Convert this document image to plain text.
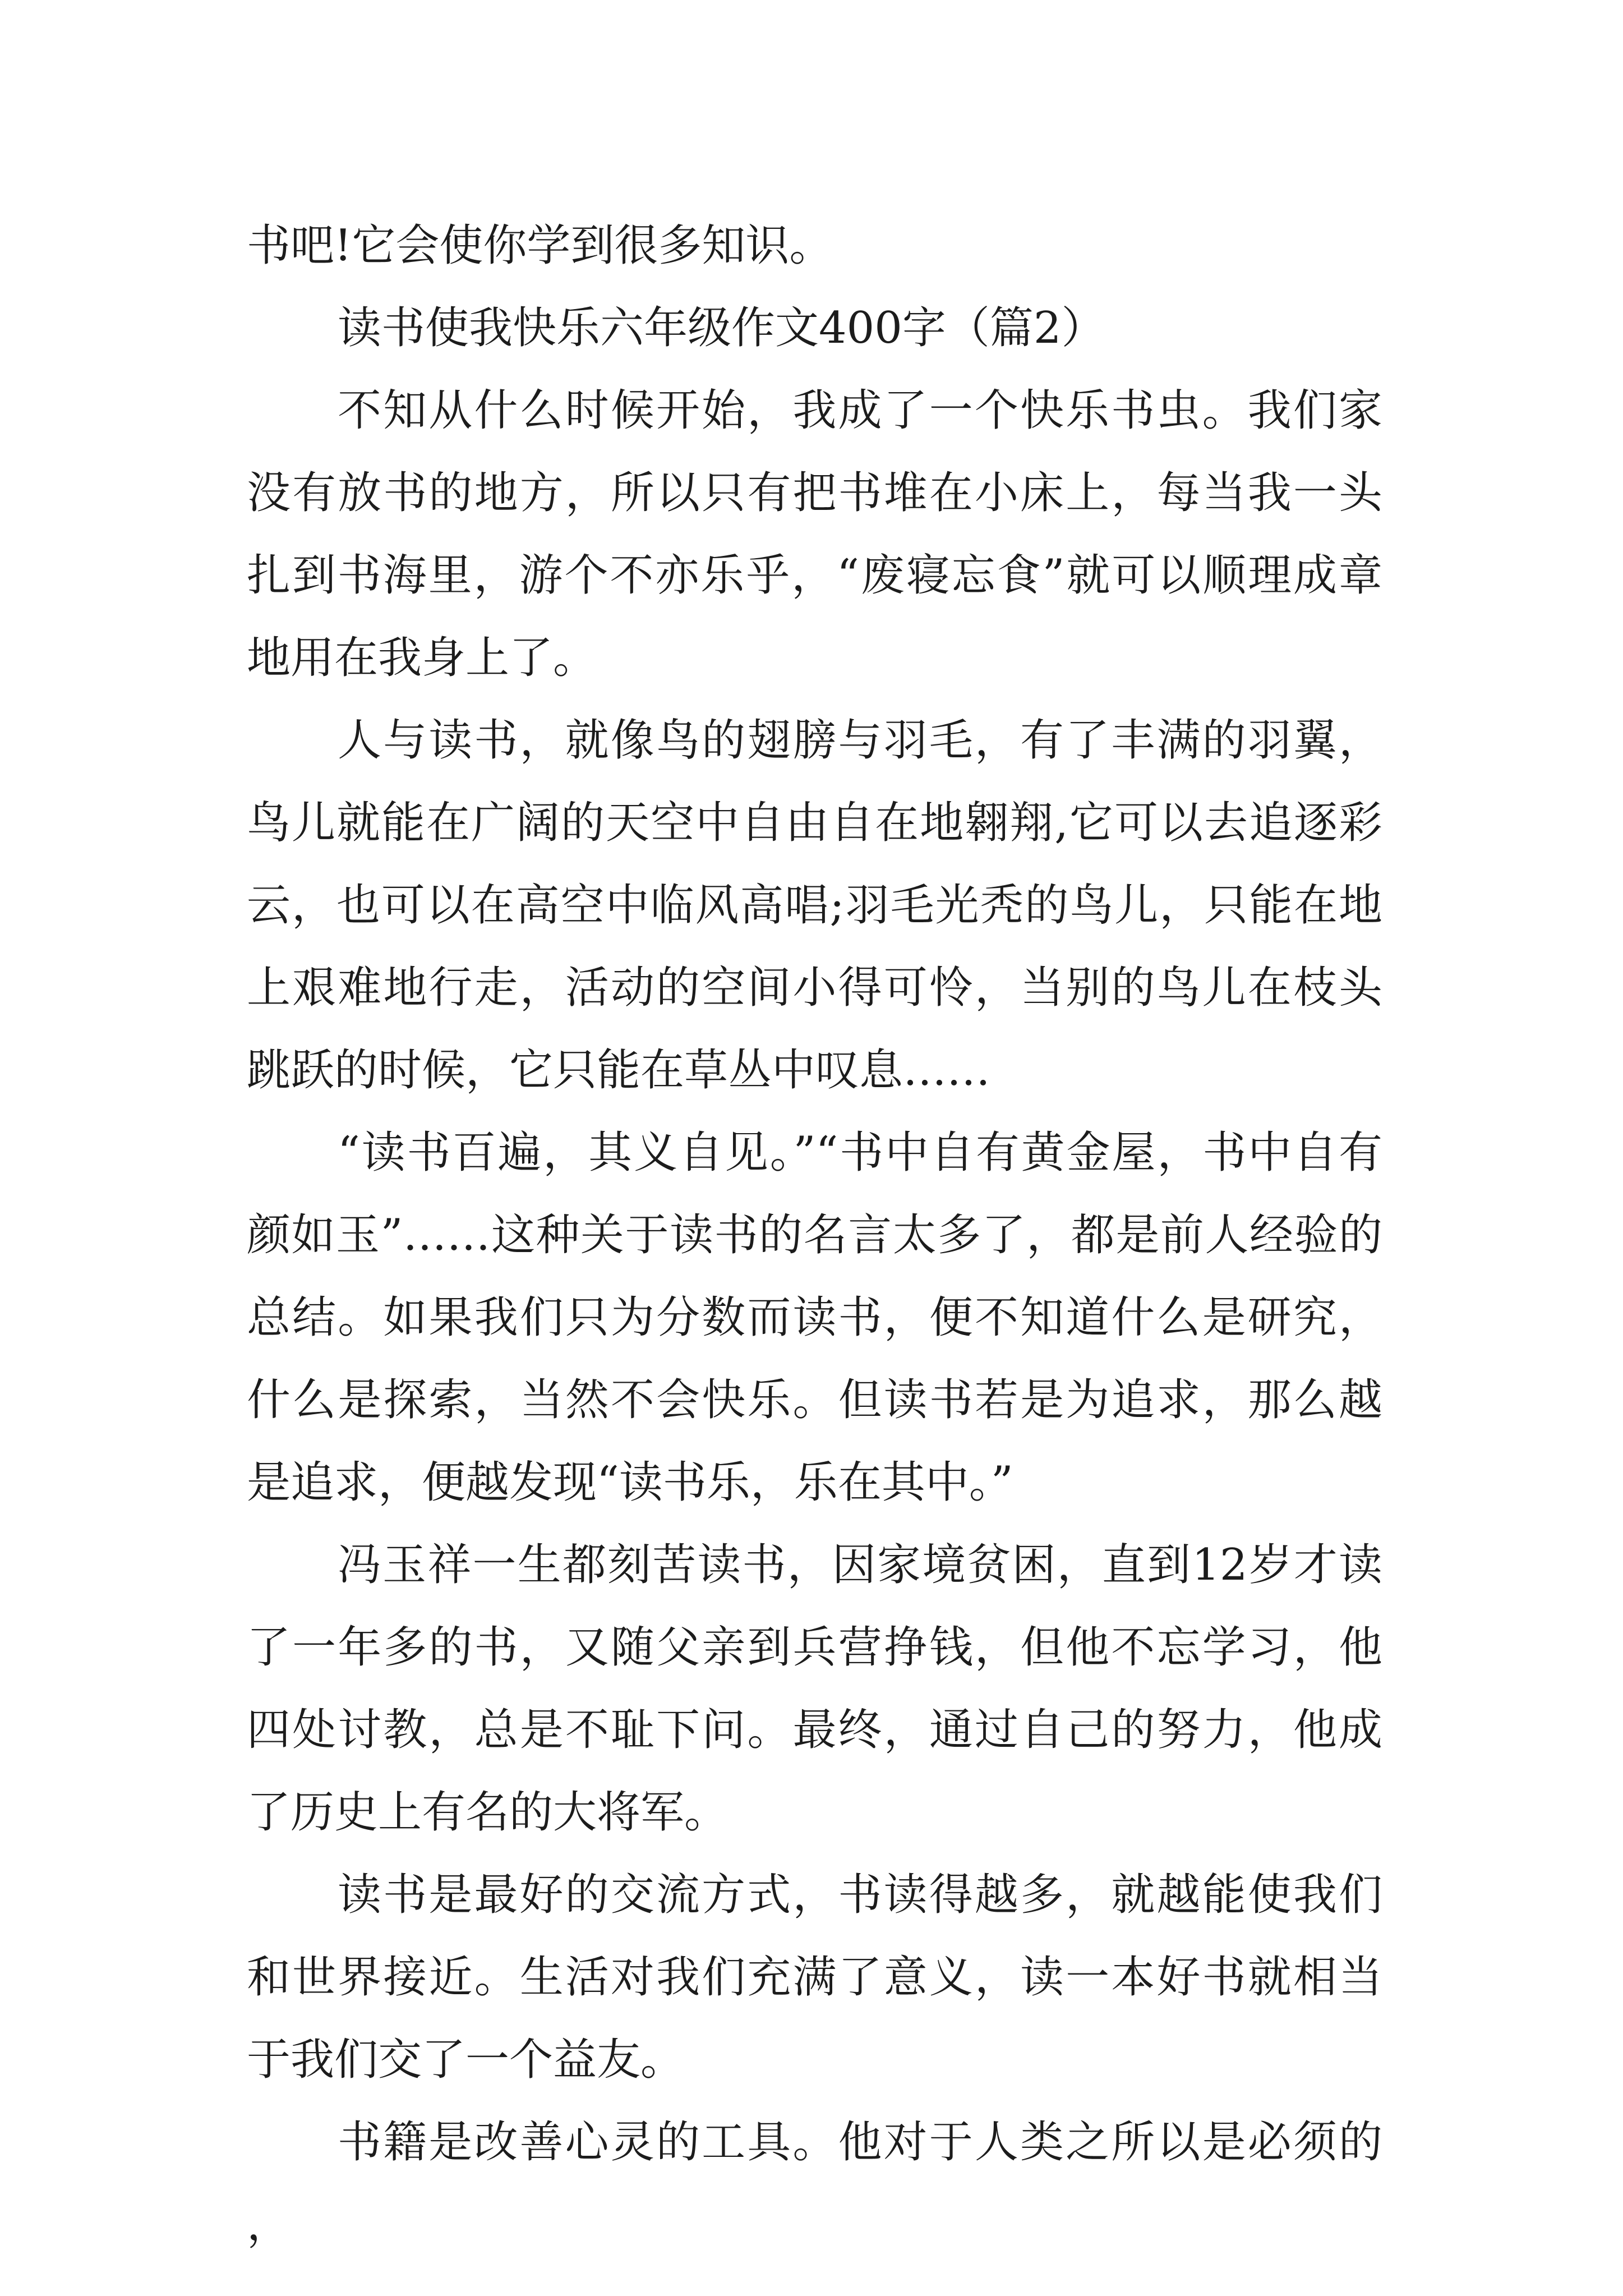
书吧!它会使你学到很多知识。

读书使我快乐六年级作文400字（篇2）

不知从什么时候开始，我成了一个快乐书虫。我们家没有放书的地方，所以只有把书堆在小床上，每当我一头扎到书海里，游个不亦乐乎，“废寝忘食”就可以顺理成章地用在我身上了。

人与读书，就像鸟的翅膀与羽毛，有了丰满的羽翼，鸟儿就能在广阔的天空中自由自在地翱翔,它可以去追逐彩云，也可以在高空中临风高唱;羽毛光秃的鸟儿，只能在地上艰难地行走，活动的空间小得可怜，当别的鸟儿在枝头跳跃的时候，它只能在草丛中叹息……

“读书百遍，其义自见。”“书中自有黄金屋，书中自有颜如玉”……这种关于读书的名言太多了，都是前人经验的总结。如果我们只为分数而读书，便不知道什么是研究，什么是探索，当然不会快乐。但读书若是为追求，那么越是追求，便越发现“读书乐，乐在其中。”

冯玉祥一生都刻苦读书，因家境贫困，直到12岁才读了一年多的书，又随父亲到兵营挣钱，但他不忘学习，他四处讨教，总是不耻下问。最终，通过自己的努力，他成了历史上有名的大将军。

读书是最好的交流方式，书读得越多，就越能使我们和世界接近。生活对我们充满了意义，读一本好书就相当于我们交了一个益友。

书籍是改善心灵的工具。他对于人类之所以是必须的，
